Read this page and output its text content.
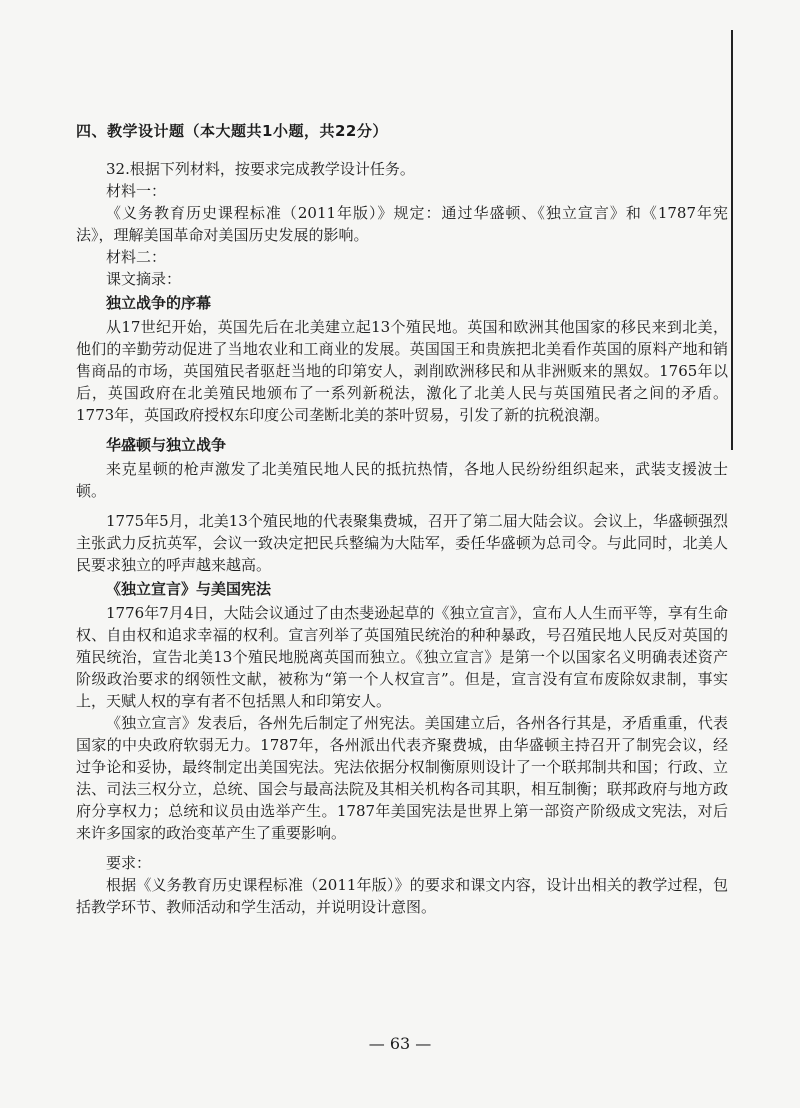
四、教学设计题（本大题共1小题，共22分）

32.根据下列材料，按要求完成教学设计任务。

材料一：

《义务教育历史课程标准（2011年版）》规定：通过华盛顿、《独立宣言》和《1787年宪法》，理解美国革命对美国历史发展的影响。

材料二：

课文摘录：

独立战争的序幕

从17世纪开始，英国先后在北美建立起13个殖民地。英国和欧洲其他国家的移民来到北美，他们的辛勤劳动促进了当地农业和工商业的发展。英国国王和贵族把北美看作英国的原料产地和销售商品的市场，英国殖民者驱赶当地的印第安人，剥削欧洲移民和从非洲贩来的黑奴。1765年以后，英国政府在北美殖民地颁布了一系列新税法，激化了北美人民与英国殖民者之间的矛盾。1773年，英国政府授权东印度公司垄断北美的茶叶贸易，引发了新的抗税浪潮。

华盛顿与独立战争

来克星顿的枪声激发了北美殖民地人民的抵抗热情，各地人民纷纷组织起来，武装支援波士顿。

1775年5月，北美13个殖民地的代表聚集费城，召开了第二届大陆会议。会议上，华盛顿强烈主张武力反抗英军，会议一致决定把民兵整编为大陆军，委任华盛顿为总司令。与此同时，北美人民要求独立的呼声越来越高。

《独立宣言》与美国宪法

1776年7月4日，大陆会议通过了由杰斐逊起草的《独立宣言》，宣布人人生而平等，享有生命权、自由权和追求幸福的权利。宣言列举了英国殖民统治的种种暴政，号召殖民地人民反对英国的殖民统治，宣告北美13个殖民地脱离英国而独立。《独立宣言》是第一个以国家名义明确表述资产阶级政治要求的纲领性文献，被称为“第一个人权宣言”。但是，宣言没有宣布废除奴隶制，事实上，天赋人权的享有者不包括黑人和印第安人。

《独立宣言》发表后，各州先后制定了州宪法。美国建立后，各州各行其是，矛盾重重，代表国家的中央政府软弱无力。1787年，各州派出代表齐聚费城，由华盛顿主持召开了制宪会议，经过争论和妥协，最终制定出美国宪法。宪法依据分权制衡原则设计了一个联邦制共和国；行政、立法、司法三权分立，总统、国会与最高法院及其相关机构各司其职，相互制衡；联邦政府与地方政府分享权力；总统和议员由选举产生。1787年美国宪法是世界上第一部资产阶级成文宪法，对后来许多国家的政治变革产生了重要影响。

要求：

根据《义务教育历史课程标准（2011年版）》的要求和课文内容，设计出相关的教学过程，包括教学环节、教师活动和学生活动，并说明设计意图。

— 63 —
